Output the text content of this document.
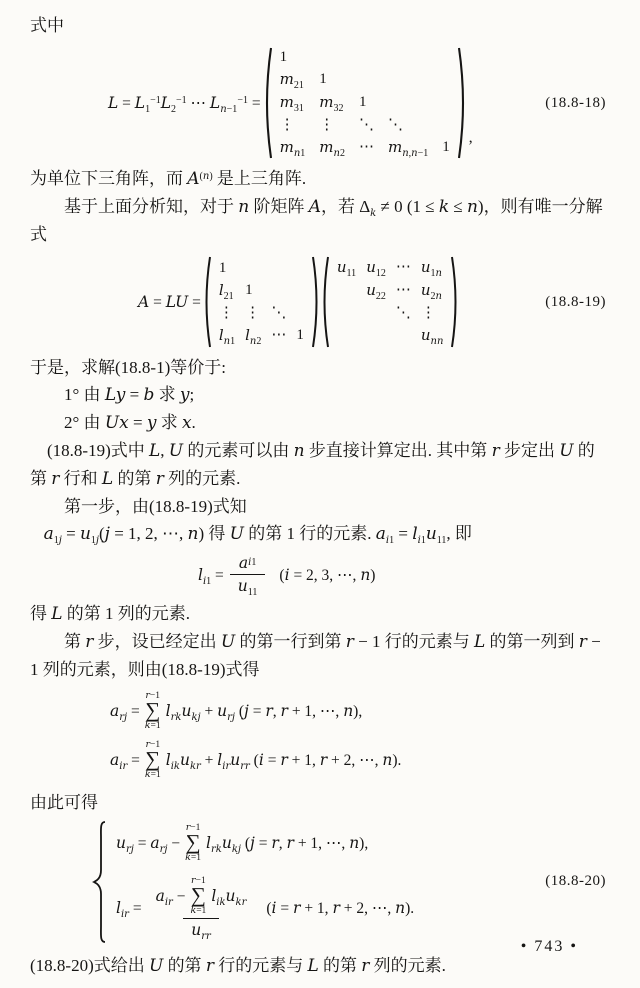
式中

$L = L_1^{-1}L_2^{-1}$ ⋯ $L_{n-1}^{-1}$ =
1
$m_{21}$ 1
$m_{31}$ $m_{32}$ 1
⋮	⋮	⋱ ⋱
$m_{n1}$ $m_{n2}$ ⋯ $m_{n,n-1}$ 1
,
(18.8-18)

为单位下三角阵，而 $A^{(n)}$ 是上三角阵.

基于上面分析知，对于 n 阶矩阵 A，若 $\Delta_k \ne 0$ (1 ≤ k ≤ n)，则有唯一分解式

A = LU =
1
$l_{21}$ 1
⋮ ⋮ ⋱
$l_{n1}$ $l_{n2}$ ⋯ 1
$u_{11}$ $u_{12}$ ⋯ $u_{1n}$
$u_{22}$ ⋯ $u_{2n}$
⋱ ⋮
$u_{nn}$
(18.8-19)

于是，求解(18.8-1)等价于:

1° 由 Ly = b 求 y;

2° 由 Ux = y 求 x.

(18.8-19)式中 L, U 的元素可以由 n 步直接计算定出. 其中第 r 步定出 U 的第 r 行和 L 的第 r 列的元素.

第一步，由(18.8-19)式知

$a_{1j} = u_{1j}(j = 1$, 2, ⋯, n) 得 U 的第 1 行的元素. $a_{i1} = l_{i1}u_{11}$, 即

$l_{i1} = \frac{\text{a i1}}{u_{11}} (i = 2$, 3, ⋯, n)

得 L 的第 1 列的元素.

第 r 步，设已经定出 U 的第一行到第 r − 1 行的元素与 L 的第一列到 r − 1 列的元素，则由(18.8-19)式得

$a_{rj}$ =
r−1
∑
k=1
$l_{rk}u_{kj} + u_{rj}$ (j = r, r + 1, ⋯, n),
$a_{ir}$ =
r−1
∑
k=1
$l_{ik}u_{kr} + l_{ir}u_{rr}$ (i = r + 1, r + 2, ⋯, n).

由此可得

$u_{rj} = a_{rj}$ −
r−1
∑
k=1
$l_{rk}u_{kj}$ (j = r, r + 1, ⋯, n),
$l_{ir}$ =
$a_{ir}$ −
r−1
∑
k=1
$l_{ik}u_{kr}$
$u_{rr}$
(i = r + 1, r + 2, ⋯, n).
(18.8-20)

(18.8-20)式给出 U 的第 r 行的元素与 L 的第 r 列的元素.

• 743 •
